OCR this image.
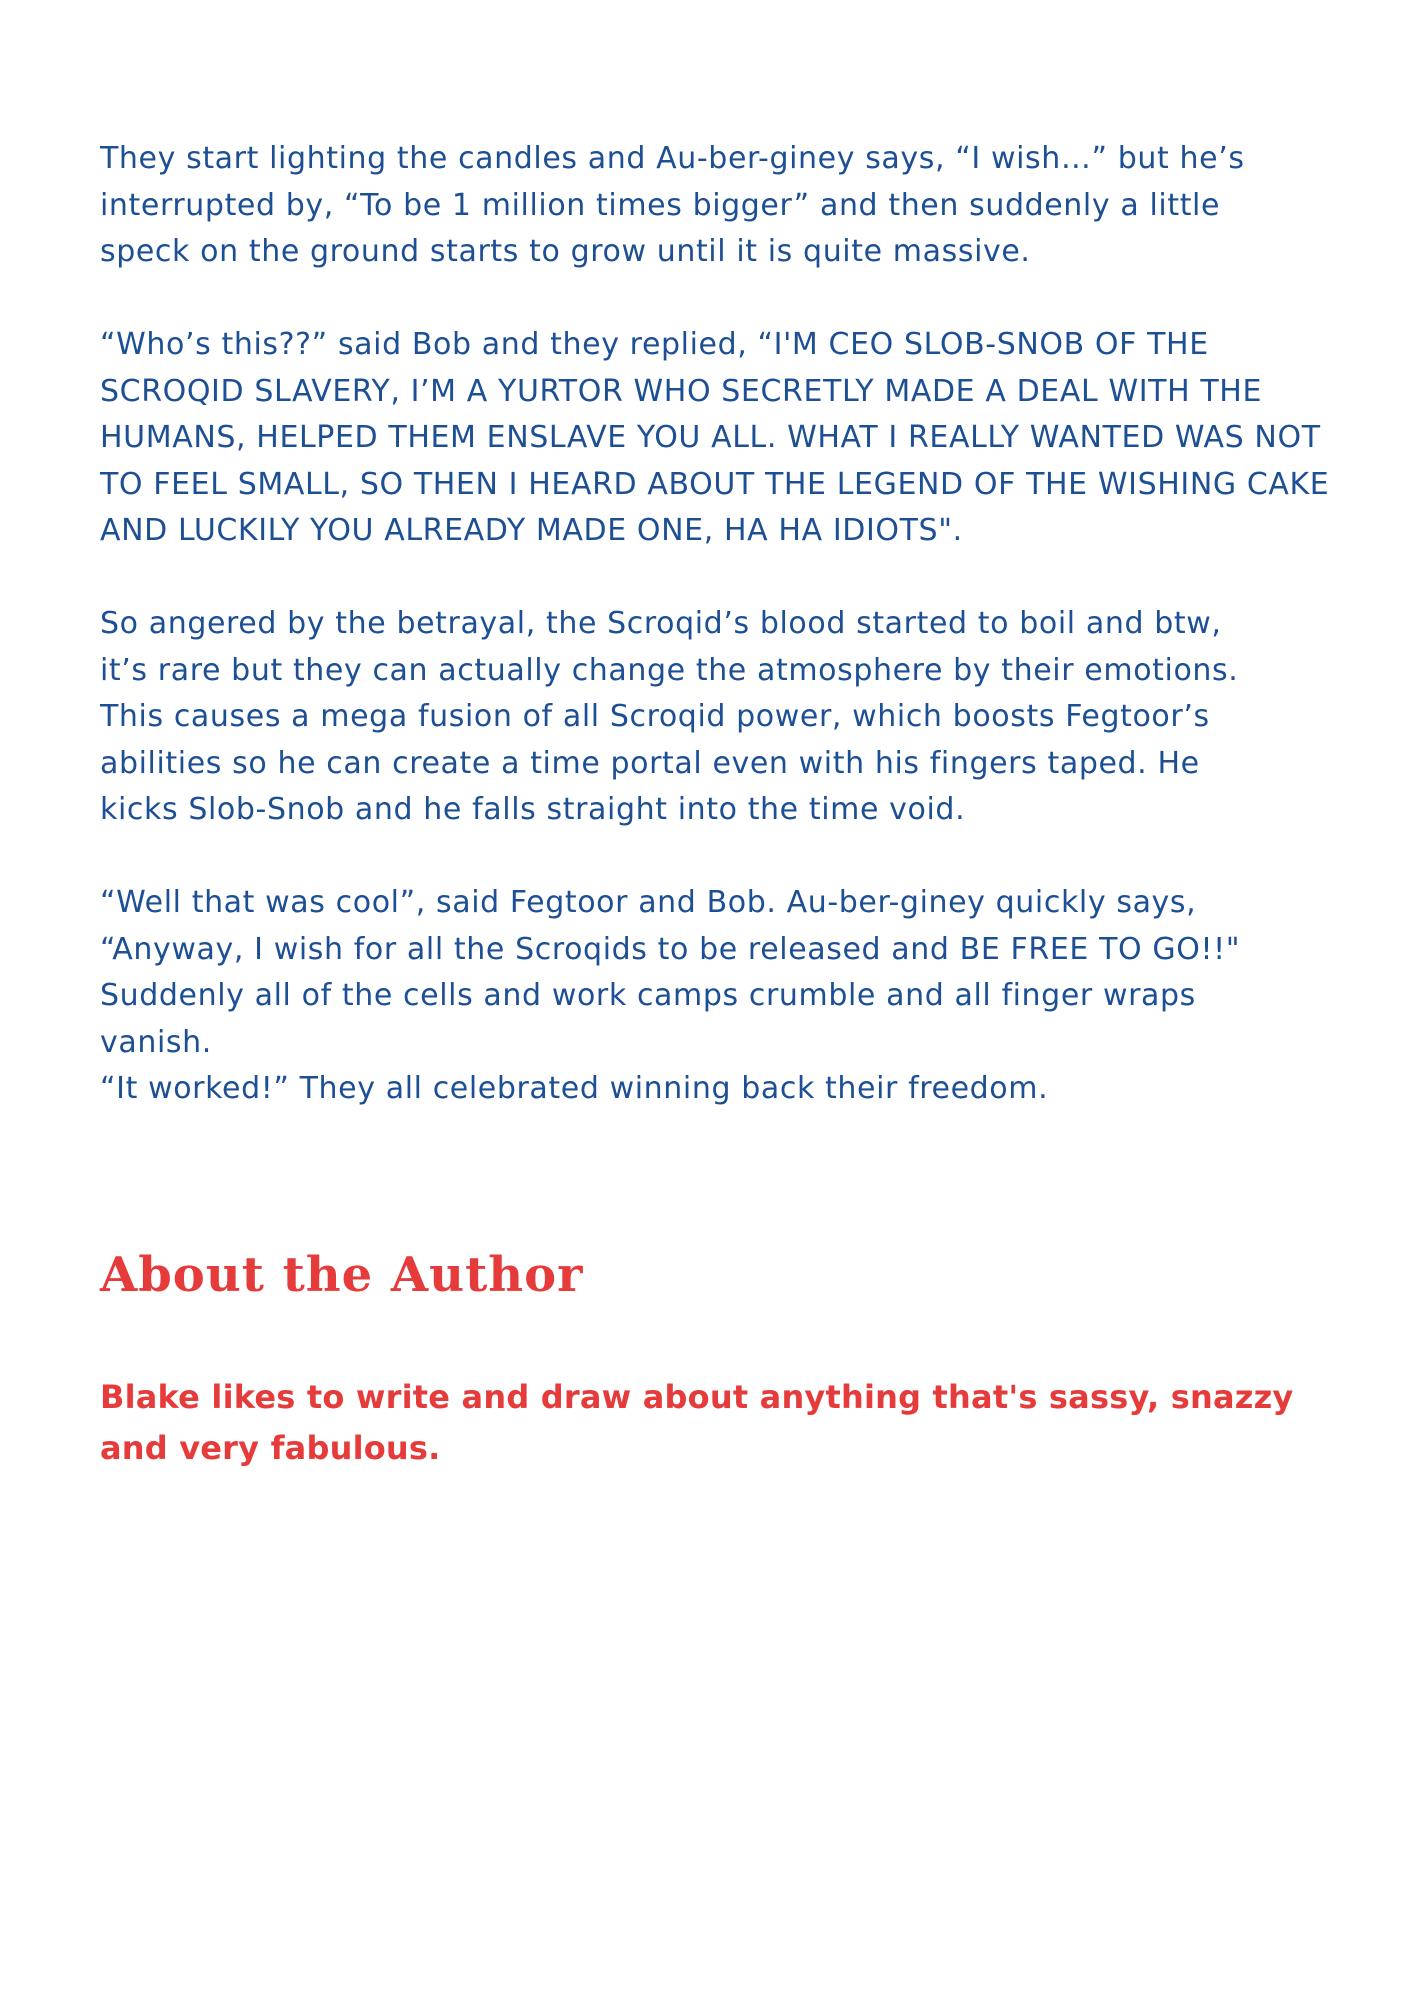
They start lighting the candles and Au-ber-giney says, “I wish…” but he’s
interrupted by, “To be 1 million times bigger” and then suddenly a little
speck on the ground starts to grow until it is quite massive.

“Who’s this??” said Bob and they replied, “I'M CEO SLOB-SNOB OF THE
SCROQID SLAVERY, I’M A YURTOR WHO SECRETLY MADE A DEAL WITH THE
HUMANS, HELPED THEM ENSLAVE YOU ALL. WHAT I REALLY WANTED WAS NOT
TO FEEL SMALL, SO THEN I HEARD ABOUT THE LEGEND OF THE WISHING CAKE
AND LUCKILY YOU ALREADY MADE ONE, HA HA IDIOTS".

So angered by the betrayal, the Scroqid’s blood started to boil and btw,
it’s rare but they can actually change the atmosphere by their emotions.
This causes a mega fusion of all Scroqid power, which boosts Fegtoor’s
abilities so he can create a time portal even with his fingers taped. He
kicks Slob-Snob and he falls straight into the time void.

“Well that was cool”, said Fegtoor and Bob. Au-ber-giney quickly says,
“Anyway, I wish for all the Scroqids to be released and BE FREE TO GO!!"
Suddenly all of the cells and work camps crumble and all finger wraps
vanish.

“It worked!” They all celebrated winning back their freedom.

About the Author

Blake likes to write and draw about anything that's sassy, snazzy
and very fabulous.
